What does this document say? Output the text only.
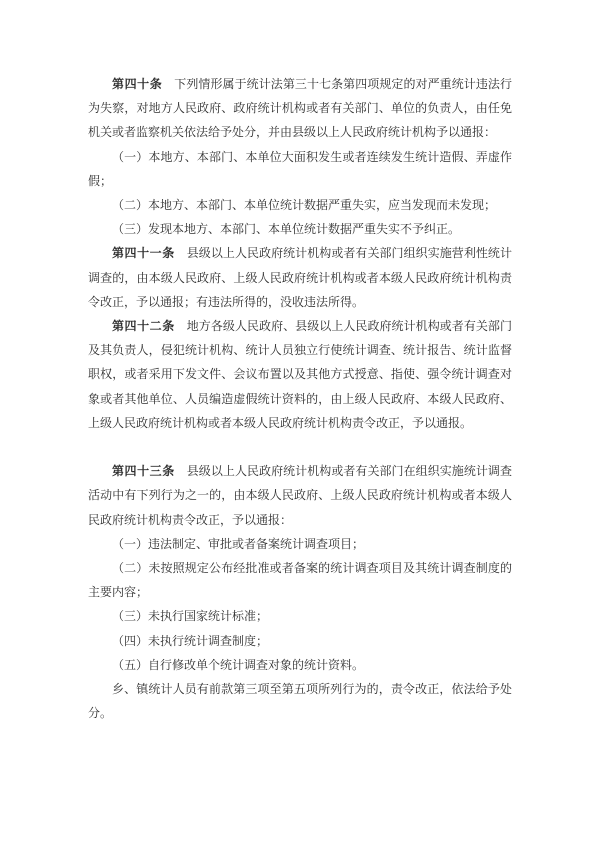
第四十条 下列情形属于统计法第三十七条第四项规定的对严重统计违法行为失察，对地方人民政府、政府统计机构或者有关部门、单位的负责人，由任免机关或者监察机关依法给予处分，并由县级以上人民政府统计机构予以通报：

（一）本地方、本部门、本单位大面积发生或者连续发生统计造假、弄虚作假；

（二）本地方、本部门、本单位统计数据严重失实，应当发现而未发现；

（三）发现本地方、本部门、本单位统计数据严重失实不予纠正。

第四十一条 县级以上人民政府统计机构或者有关部门组织实施营利性统计调查的，由本级人民政府、上级人民政府统计机构或者本级人民政府统计机构责令改正，予以通报；有违法所得的，没收违法所得。

第四十二条 地方各级人民政府、县级以上人民政府统计机构或者有关部门及其负责人，侵犯统计机构、统计人员独立行使统计调查、统计报告、统计监督职权，或者采用下发文件、会议布置以及其他方式授意、指使、强令统计调查对象或者其他单位、人员编造虚假统计资料的，由上级人民政府、本级人民政府、上级人民政府统计机构或者本级人民政府统计机构责令改正，予以通报。

第四十三条 县级以上人民政府统计机构或者有关部门在组织实施统计调查活动中有下列行为之一的，由本级人民政府、上级人民政府统计机构或者本级人民政府统计机构责令改正，予以通报：

（一）违法制定、审批或者备案统计调查项目；

（二）未按照规定公布经批准或者备案的统计调查项目及其统计调查制度的主要内容；

（三）未执行国家统计标准；

（四）未执行统计调查制度；

（五）自行修改单个统计调查对象的统计资料。

乡、镇统计人员有前款第三项至第五项所列行为的，责令改正，依法给予处分。
